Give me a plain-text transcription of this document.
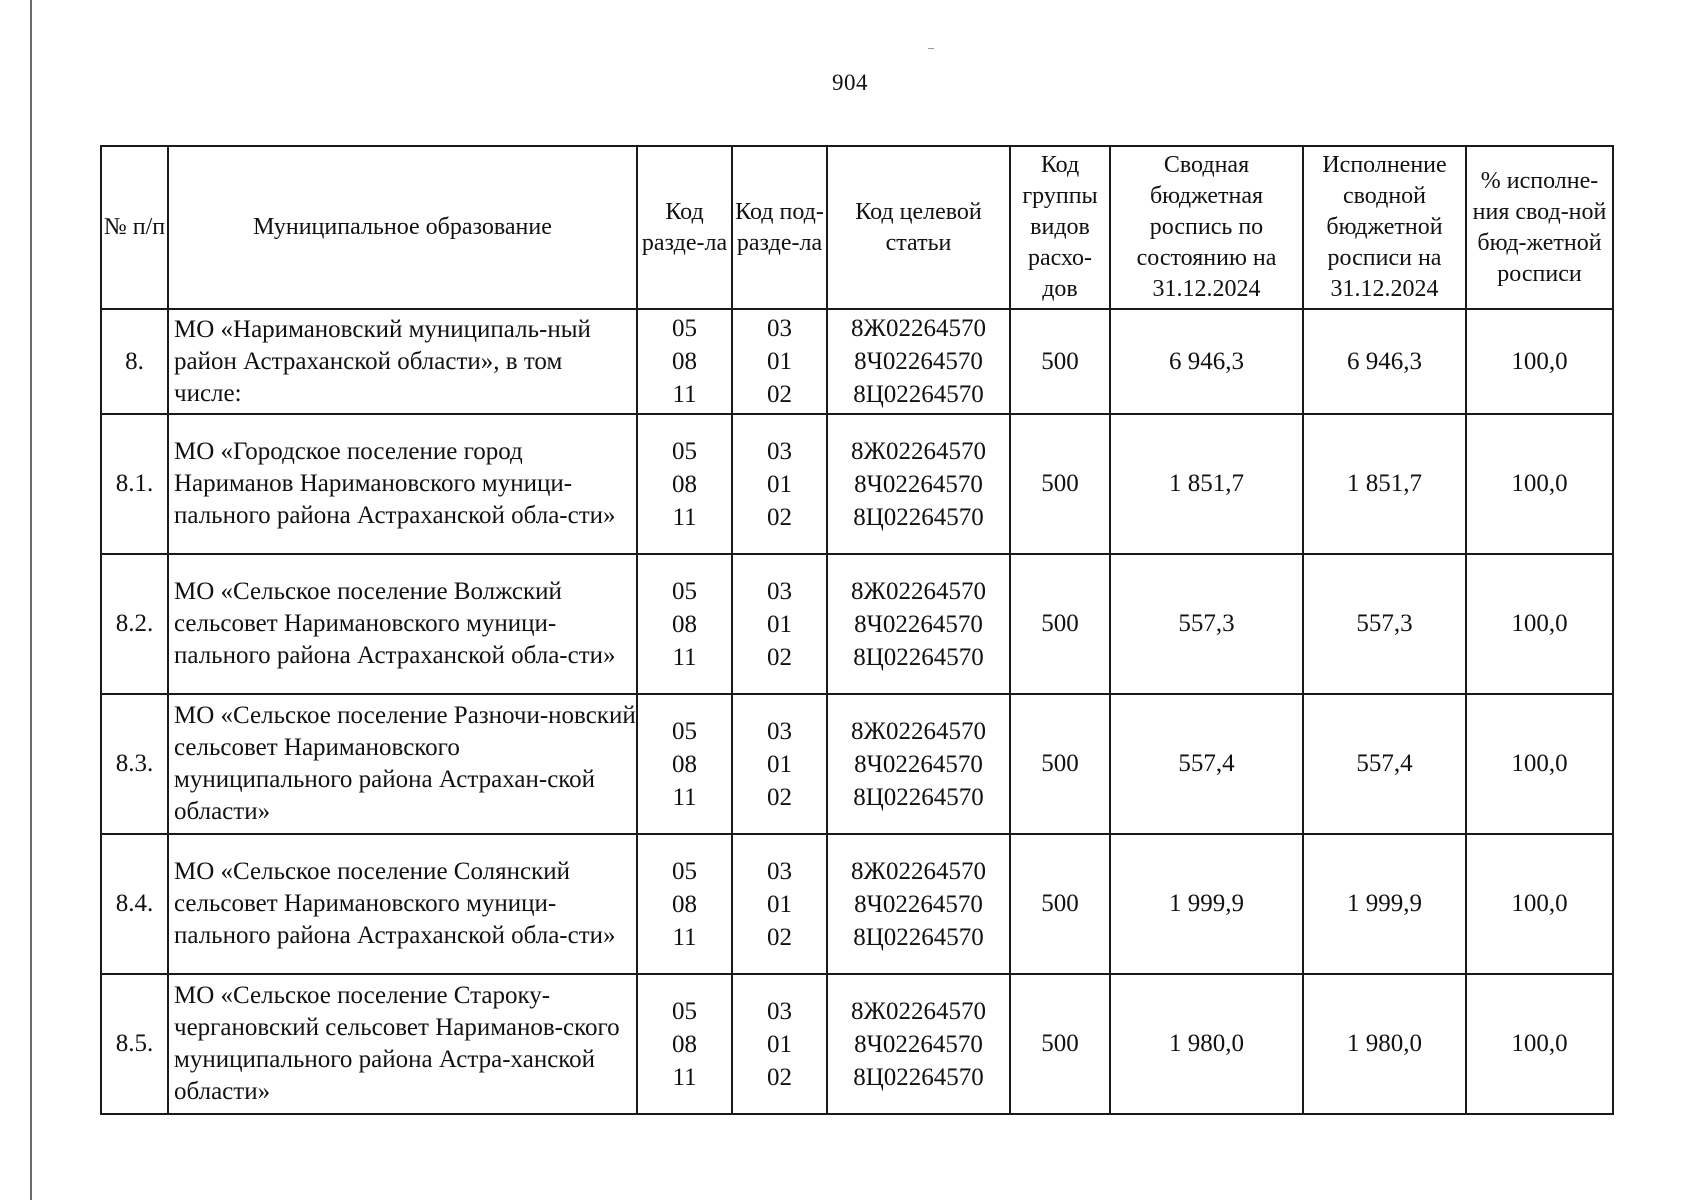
904
№ п/п	Муниципальное образование	Код разде-ла	Код под-разде-ла	Код целевой статьи	Код группы видов расхо-дов	Сводная бюджетная роспись по состоянию на 31.12.2024	Исполнение сводной бюджетной росписи на 31.12.2024	% исполне-ния свод-ной бюд-жетной росписи
8.	МО «Наримановский муниципаль-ный район Астраханской области», в том числе:	05
08
11	03
01
02	8Ж02264570
8Ч02264570
8Ц02264570	500	6 946,3	6 946,3	100,0
8.1.	МО «Городское поселение город Нариманов Наримановского муници-пального района Астраханской обла-сти»	05
08
11	03
01
02	8Ж02264570
8Ч02264570
8Ц02264570	500	1 851,7	1 851,7	100,0
8.2.	МО «Сельское поселение Волжский сельсовет Наримановского муници-пального района Астраханской обла-сти»	05
08
11	03
01
02	8Ж02264570
8Ч02264570
8Ц02264570	500	557,3	557,3	100,0
8.3.	МО «Сельское поселение Разночи-новский сельсовет Наримановского муниципального района Астрахан-ской области»	05
08
11	03
01
02	8Ж02264570
8Ч02264570
8Ц02264570	500	557,4	557,4	100,0
8.4.	МО «Сельское поселение Солянский сельсовет Наримановского муници-пального района Астраханской обла-сти»	05
08
11	03
01
02	8Ж02264570
8Ч02264570
8Ц02264570	500	1 999,9	1 999,9	100,0
8.5.	МО «Сельское поселение Староку-чергановский сельсовет Нариманов-ского муниципального района Астра-ханской области»	05
08
11	03
01
02	8Ж02264570
8Ч02264570
8Ц02264570	500	1 980,0	1 980,0	100,0
